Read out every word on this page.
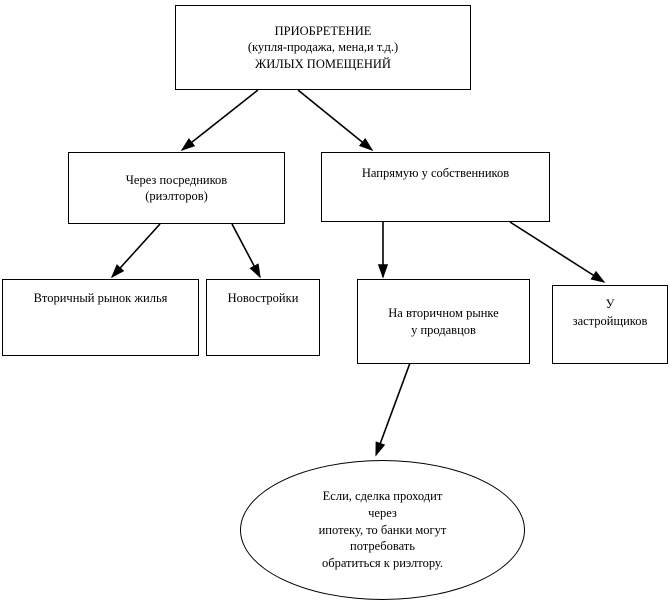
ПРИОБРЕТЕНИЕ
(купля-продажа, мена,и т.д.)
ЖИЛЫХ ПОМЕЩЕНИЙ
Через посредников
(риэлторов)
Напрямую у собственников
Вторичный рынок жилья	Новостройки
На вторичном рынке
у продавцов
У
застройщиков
Если, сделка проходит
через
ипотеку, то банки могут
потребовать
обратиться к риэлтору.
